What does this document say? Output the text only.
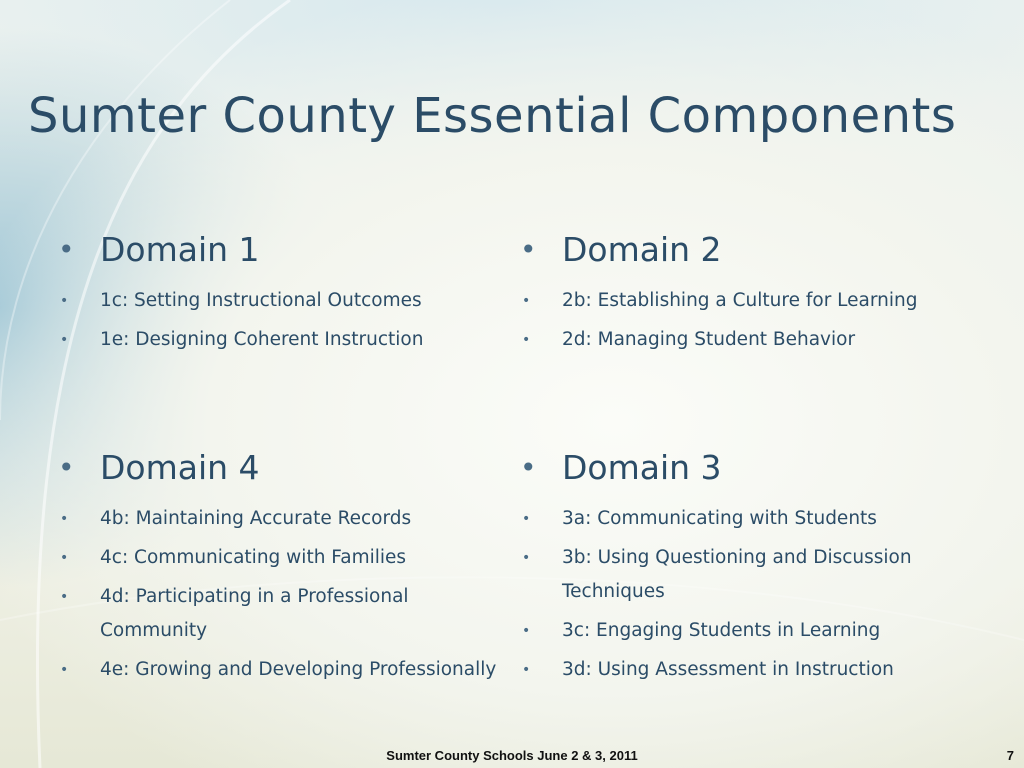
Sumter County Essential Components
• Domain 1
• 1c: Setting Instructional Outcomes
• 1e: Designing Coherent Instruction
• Domain 2
• 2b: Establishing a Culture for Learning
• 2d: Managing Student Behavior
• Domain 4
• 4b: Maintaining Accurate Records
• 4c: Communicating with Families
• 4d: Participating in a Professional Community
• 4e: Growing and Developing Professionally
• Domain 3
• 3a: Communicating with Students
• 3b: Using Questioning and Discussion Techniques
• 3c: Engaging Students in Learning
• 3d: Using Assessment in Instruction
Sumter County Schools June 2 & 3, 2011	7
